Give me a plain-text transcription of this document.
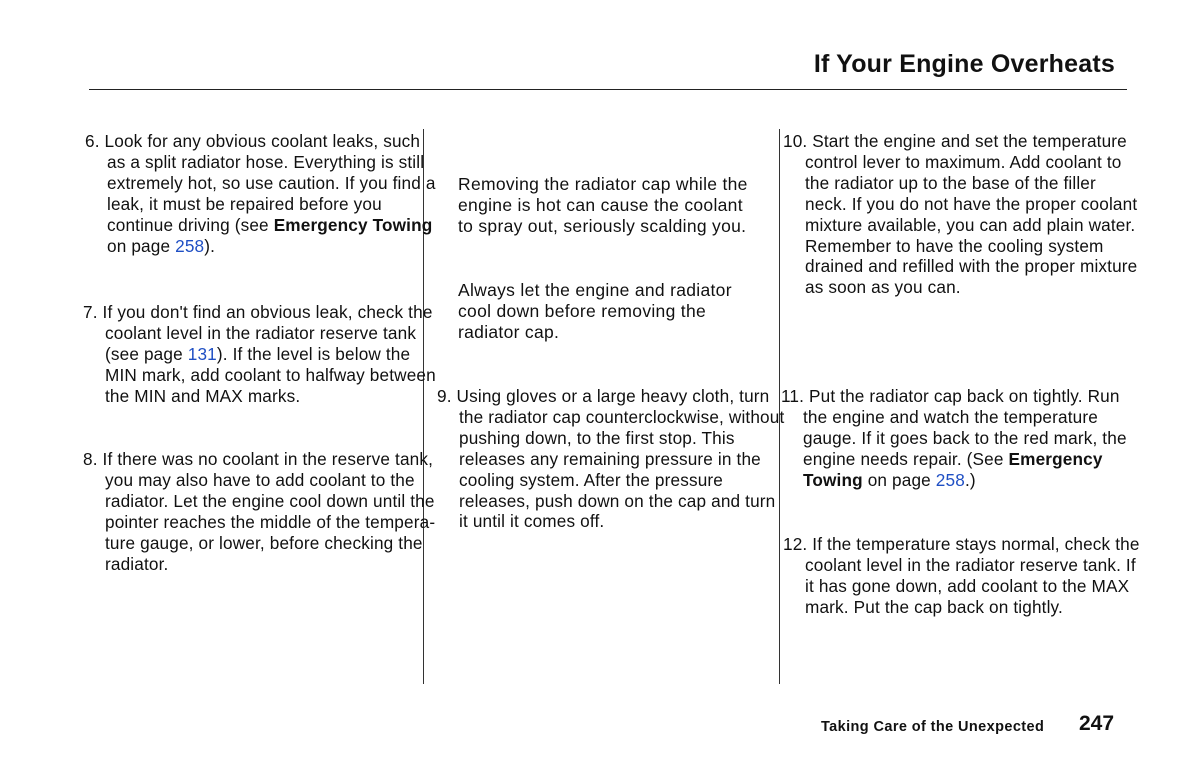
If Your Engine Overheats
6. Look for any obvious coolant leaks, such as a split radiator hose. Everything is still extremely hot, so use caution. If you find a leak, it must be repaired before you continue driving (see Emergency Towing on page 258).
7. If you don't find an obvious leak, check the coolant level in the radiator reserve tank (see page 131). If the level is below the MIN mark, add coolant to halfway between the MIN and MAX marks.
8. If there was no coolant in the reserve tank, you may also have to add coolant to the radiator. Let the engine cool down until the pointer reaches the middle of the temperature gauge, or lower, before checking the radiator.
Removing the radiator cap while the engine is hot can cause the coolant to spray out, seriously scalding you.
Always let the engine and radiator cool down before removing the radiator cap.
9. Using gloves or a large heavy cloth, turn the radiator cap counterclockwise, without pushing down, to the first stop. This releases any remaining pressure in the cooling system. After the pressure releases, push down on the cap and turn it until it comes off.
10. Start the engine and set the temperature control lever to maximum. Add coolant to the radiator up to the base of the filler neck. If you do not have the proper coolant mixture available, you can add plain water. Remember to have the cooling system drained and refilled with the proper mixture as soon as you can.
11. Put the radiator cap back on tightly. Run the engine and watch the temperature gauge. If it goes back to the red mark, the engine needs repair. (See Emergency Towing on page 258.)
12. If the temperature stays normal, check the coolant level in the radiator reserve tank. If it has gone down, add coolant to the MAX mark. Put the cap back on tightly.
Taking Care of the Unexpected 247
